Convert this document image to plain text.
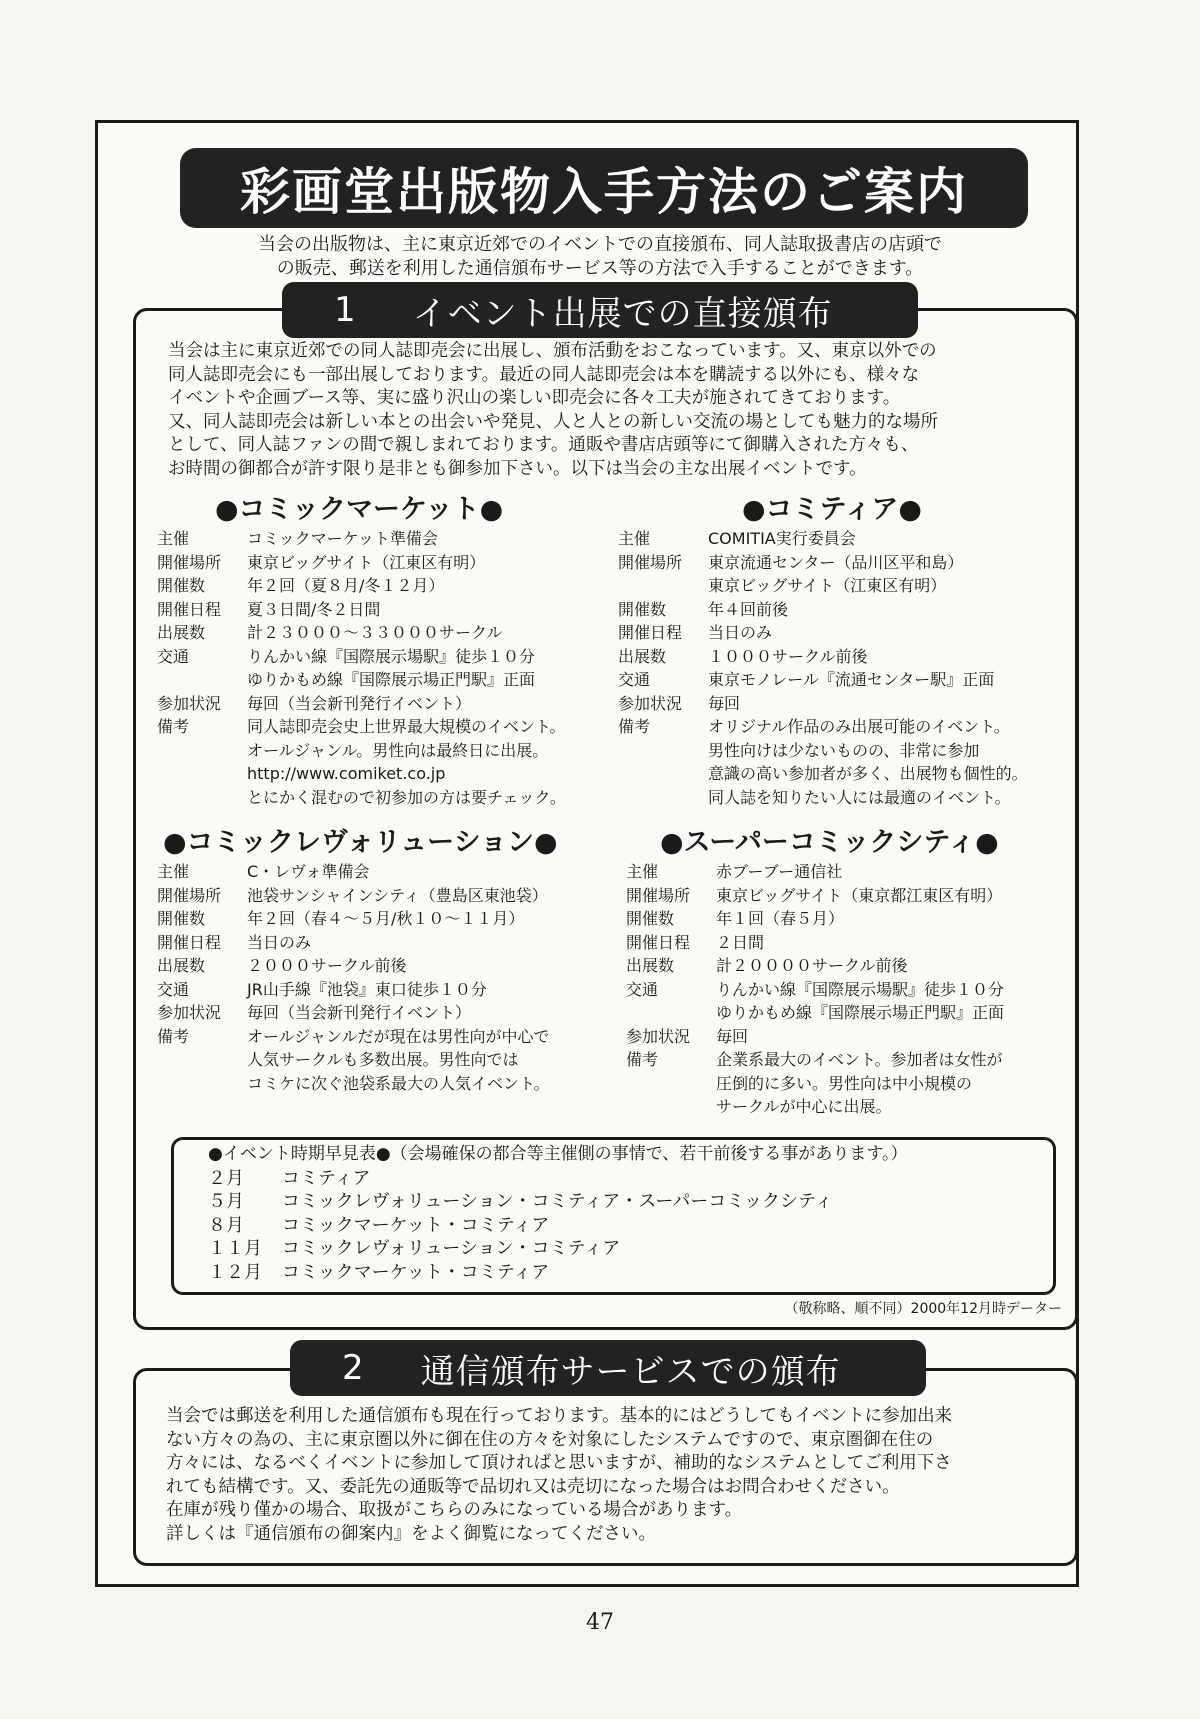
彩画堂出版物入手方法のご案内
当会の出版物は、主に東京近郊でのイベントでの直接頒布、同人誌取扱書店の店頭で
の販売、郵送を利用した通信頒布サービス等の方法で入手することができます。
1 イベント出展での直接頒布
当会は主に東京近郊での同人誌即売会に出展し、頒布活動をおこなっています。又、東京以外での
同人誌即売会にも一部出展しております。最近の同人誌即売会は本を購読する以外にも、様々な
イベントや企画ブース等、実に盛り沢山の楽しい即売会に各々工夫が施されてきております。
又、同人誌即売会は新しい本との出会いや発見、人と人との新しい交流の場としても魅力的な場所
として、同人誌ファンの間で親しまれております。通販や書店店頭等にて御購入された方々も、
お時間の御都合が許す限り是非とも御参加下さい。以下は当会の主な出展イベントです。
●コミックマーケット●	●コミティア●
●コミックレヴォリューション●	●スーパーコミックシティ●
主催	コミックマーケット準備会
開催場所	東京ビッグサイト（江東区有明）
開催数	年２回（夏８月/冬１２月）
開催日程	夏３日間/冬２日間
出展数	計２３０００～３３０００サークル
交通	りんかい線『国際展示場駅』徒歩１０分
ゆりかもめ線『国際展示場正門駅』正面
参加状況	毎回（当会新刊発行イベント）
備考	同人誌即売会史上世界最大規模のイベント。
オールジャンル。男性向は最終日に出展。
http://www.comiket.co.jp
とにかく混むので初参加の方は要チェック。
主催	COMITIA実行委員会
開催場所	東京流通センター（品川区平和島）
東京ビッグサイト（江東区有明）
開催数	年４回前後
開催日程	当日のみ
出展数	１０００サークル前後
交通	東京モノレール『流通センター駅』正面
参加状況	毎回
備考	オリジナル作品のみ出展可能のイベント。
男性向けは少ないものの、非常に参加
意識の高い参加者が多く、出展物も個性的。
同人誌を知りたい人には最適のイベント。
主催	C・レヴォ準備会
開催場所	池袋サンシャインシティ（豊島区東池袋）
開催数	年２回（春４～５月/秋１０～１１月）
開催日程	当日のみ
出展数	２０００サークル前後
交通	JR山手線『池袋』東口徒歩１０分
参加状況	毎回（当会新刊発行イベント）
備考	オールジャンルだが現在は男性向が中心で
人気サークルも多数出展。男性向では
コミケに次ぐ池袋系最大の人気イベント。
主催	赤ブーブー通信社
開催場所	東京ビッグサイト（東京都江東区有明）
開催数	年１回（春５月）
開催日程	２日間
出展数	計２００００サークル前後
交通	りんかい線『国際展示場駅』徒歩１０分
ゆりかもめ線『国際展示場正門駅』正面
参加状況	毎回
備考	企業系最大のイベント。参加者は女性が
圧倒的に多い。男性向は中小規模の
サークルが中心に出展。
●イベント時期早見表●（会場確保の都合等主催側の事情で、若干前後する事があります。）
２月	コミティア
５月	コミックレヴォリューション・コミティア・スーパーコミックシティ
８月	コミックマーケット・コミティア
１１月	コミックレヴォリューション・コミティア
１２月	コミックマーケット・コミティア
（敬称略、順不同）2000年12月時データー
2 通信頒布サービスでの頒布
当会では郵送を利用した通信頒布も現在行っております。基本的にはどうしてもイベントに参加出来
ない方々の為の、主に東京圏以外に御在住の方々を対象にしたシステムですので、東京圏御在住の
方々には、なるべくイベントに参加して頂ければと思いますが、補助的なシステムとしてご利用下さ
れても結構です。又、委託先の通販等で品切れ又は売切になった場合はお問合わせください。
在庫が残り僅かの場合、取扱がこちらのみになっている場合があります。
詳しくは『通信頒布の御案内』をよく御覧になってください。
47
